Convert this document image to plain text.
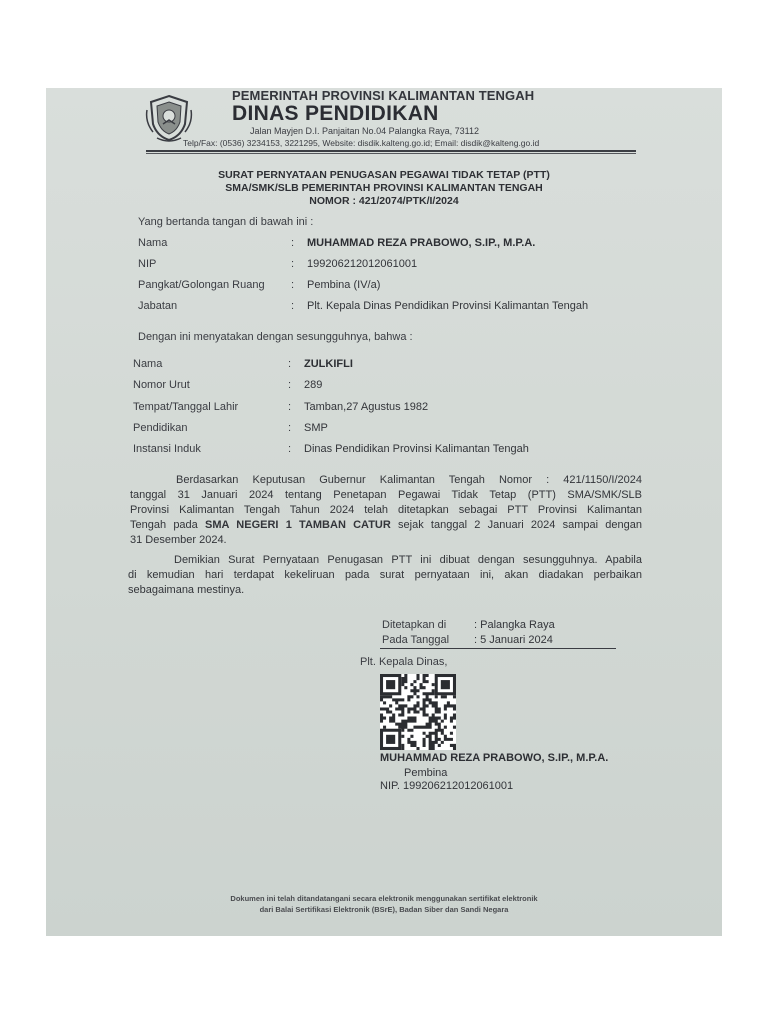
PEMERINTAH PROVINSI KALIMANTAN TENGAH
DINAS PENDIDIKAN
Jalan Mayjen D.I. Panjaitan No.04 Palangka Raya, 73112
Telp/Fax: (0536) 3234153, 3221295, Website: disdik.kalteng.go.id; Email: disdik@kalteng.go.id
SURAT PERNYATAAN PENUGASAN PEGAWAI TIDAK TETAP (PTT)
SMA/SMK/SLB PEMERINTAH PROVINSI KALIMANTAN TENGAH
NOMOR : 421/2074/PTK/I/2024
Yang bertanda tangan di bawah ini :
Nama	: MUHAMMAD REZA PRABOWO, S.IP., M.P.A.
NIP	: 199206212012061001
Pangkat/Golongan Ruang : Pembina (IV/a)
Jabatan	: Plt. Kepala Dinas Pendidikan Provinsi Kalimantan Tengah
Dengan ini menyatakan dengan sesungguhnya, bahwa :
Nama	: ZULKIFLI
Nomor Urut	: 289
Tempat/Tanggal Lahir	: Tamban,27 Agustus 1982
Pendidikan	: SMP
Instansi Induk	: Dinas Pendidikan Provinsi Kalimantan Tengah
Berdasarkan Keputusan Gubernur Kalimantan Tengah Nomor : 421/1150/I/2024
tanggal 31 Januari 2024 tentang Penetapan Pegawai Tidak Tetap (PTT) SMA/SMK/SLB
Provinsi Kalimantan Tengah Tahun 2024 telah ditetapkan sebagai PTT Provinsi Kalimantan
Tengah pada SMA NEGERI 1 TAMBAN CATUR sejak tanggal 2 Januari 2024 sampai dengan
31 Desember 2024.
Demikian Surat Pernyataan Penugasan PTT ini dibuat dengan sesungguhnya. Apabila
di kemudian hari terdapat kekeliruan pada surat pernyataan ini, akan diadakan perbaikan
sebagaimana mestinya.
Ditetapkan di	: Palangka Raya
Pada Tanggal : 5 Januari 2024
Plt. Kepala Dinas,
MUHAMMAD REZA PRABOWO, S.IP., M.P.A.
Pembina
NIP. 199206212012061001
Dokumen ini telah ditandatangani secara elektronik menggunakan sertifikat elektronik
dari Balai Sertifikasi Elektronik (BSrE), Badan Siber dan Sandi Negara
